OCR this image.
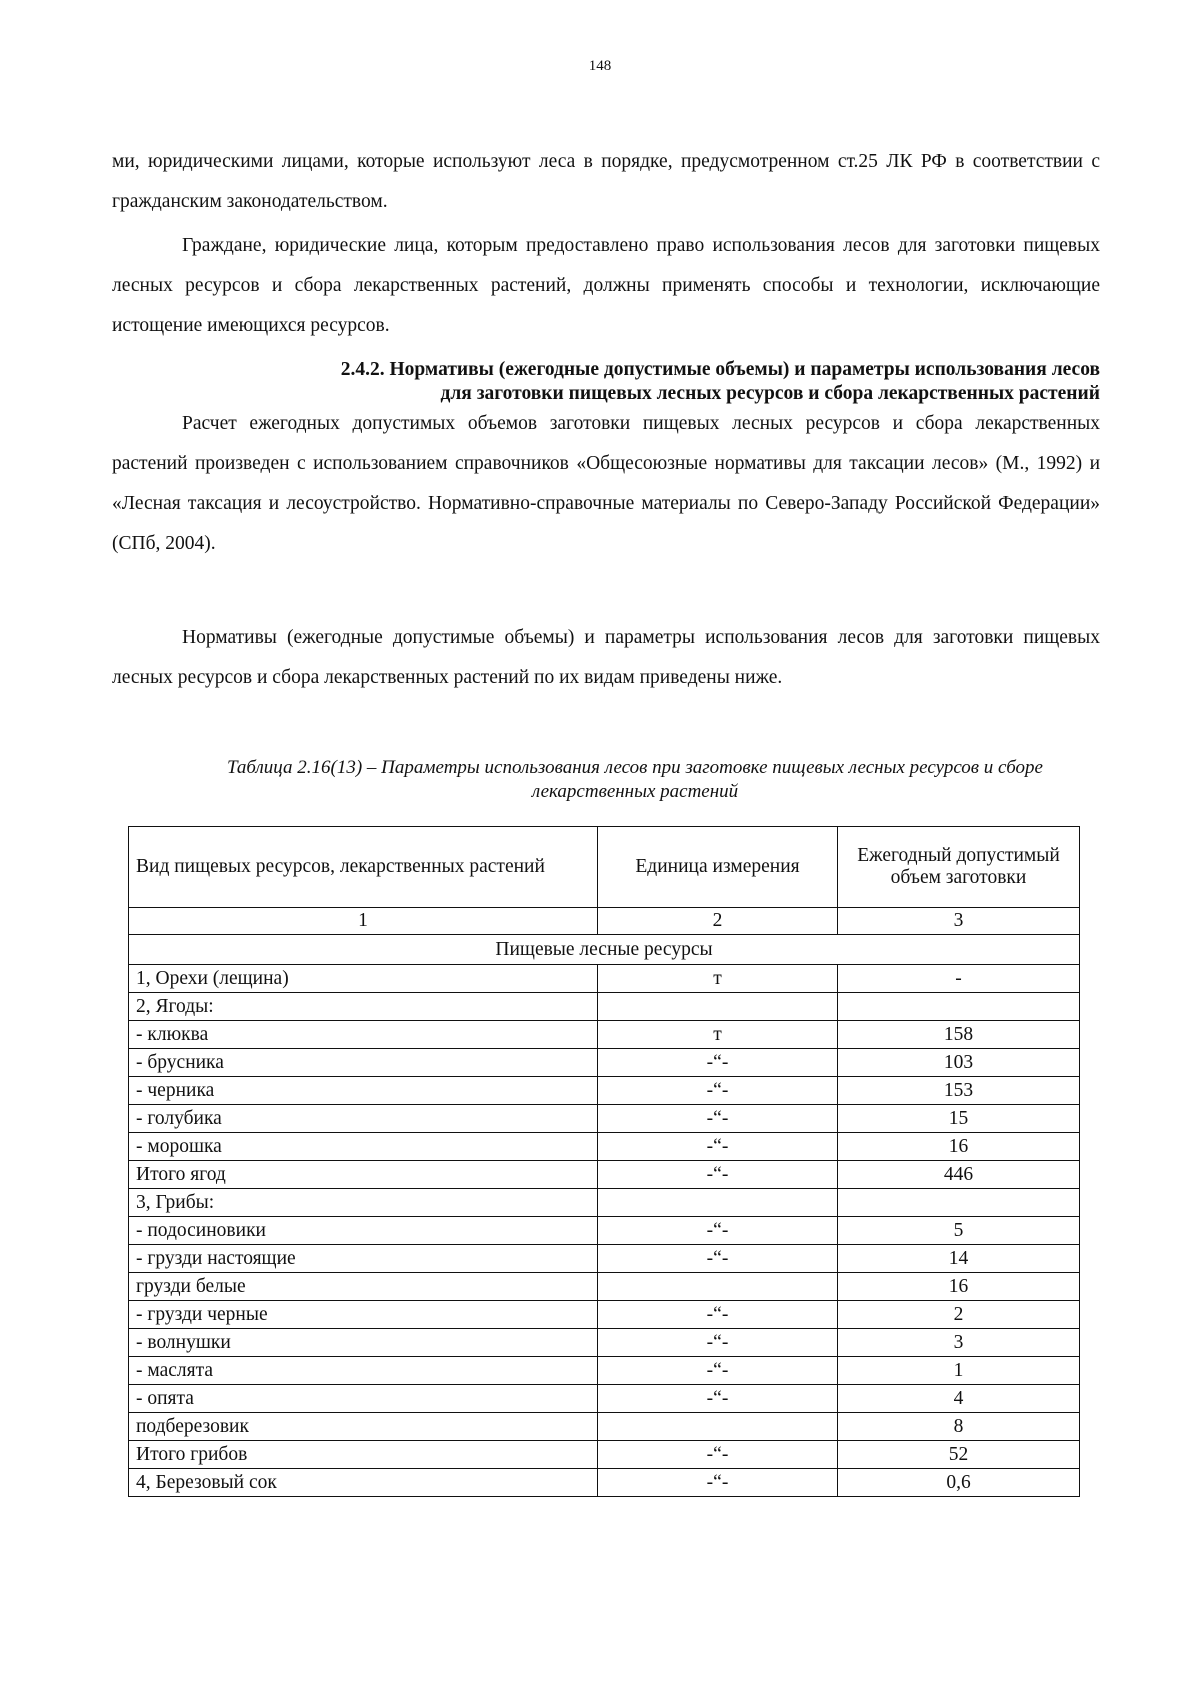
148

ми, юридическими лицами, которые используют леса в порядке, предусмотренном ст.25 ЛК РФ в соответствии с гражданским законодательством.

Граждане, юридические лица, которым предоставлено право использования лесов для заготовки пищевых лесных ресурсов и сбора лекарственных растений, должны применять способы и технологии, исключающие истощение имеющихся ресурсов.

2.4.2. Нормативы (ежегодные допустимые объемы) и параметры использования лесов
для заготовки пищевых лесных ресурсов и сбора лекарственных растений

Расчет ежегодных допустимых объемов заготовки пищевых лесных ресурсов и сбора лекарственных растений произведен с использованием справочников «Общесоюзные нормативы для таксации лесов» (М., 1992) и «Лесная таксация и лесоустройство. Нормативно-справочные материалы по Северо-Западу Российской Федерации» (СПб, 2004).

Нормативы (ежегодные допустимые объемы) и параметры использования лесов для заготовки пищевых лесных ресурсов и сбора лекарственных растений по их видам приведены ниже.

Таблица 2.16(13) – Параметры использования лесов при заготовке пищевых лесных ресурсов и сборе лекарственных растений
Вид пищевых ресурсов, лекарственных растений	Единица измерения	Ежегодный допустимый объем заготовки
1	2	3
Пищевые лесные ресурсы		
1, Орехи (лещина)	т	-
2, Ягоды:		
- клюква	т	158
- брусника	-“-	103
- черника	-“-	153
- голубика	-“-	15
- морошка	-“-	16
Итого ягод	-“-	446
3, Грибы:		
- подосиновики	-“-	5
- грузди настоящие	-“-	14
грузди белые		16
- грузди черные	-“-	2
- волнушки	-“-	3
- маслята	-“-	1
- опята	-“-	4
подберезовик		8
Итого грибов	-“-	52
4, Березовый сок	-“-	0,6
